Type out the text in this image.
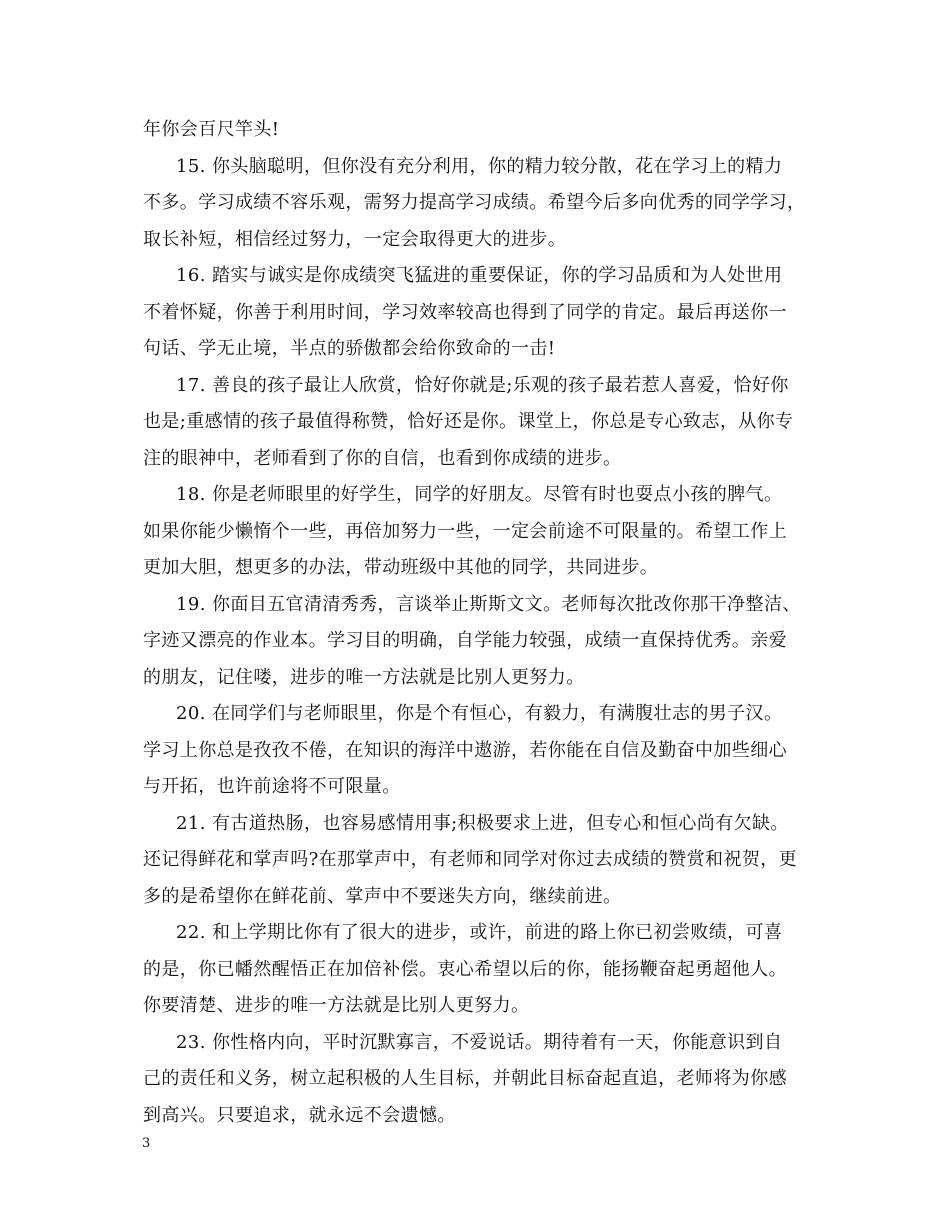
年你会百尺竿头!
15. 你头脑聪明，但你没有充分利用，你的精力较分散，花在学习上的精力
不多。学习成绩不容乐观，需努力提高学习成绩。希望今后多向优秀的同学学习，
取长补短，相信经过努力，一定会取得更大的进步。
16. 踏实与诚实是你成绩突飞猛进的重要保证，你的学习品质和为人处世用
不着怀疑，你善于利用时间，学习效率较高也得到了同学的肯定。最后再送你一
句话、学无止境，半点的骄傲都会给你致命的一击!
17. 善良的孩子最让人欣赏，恰好你就是;乐观的孩子最若惹人喜爱，恰好你
也是;重感情的孩子最值得称赞，恰好还是你。课堂上，你总是专心致志，从你专
注的眼神中，老师看到了你的自信，也看到你成绩的进步。
18. 你是老师眼里的好学生，同学的好朋友。尽管有时也耍点小孩的脾气。
如果你能少懒惰个一些，再倍加努力一些，一定会前途不可限量的。希望工作上
更加大胆，想更多的办法，带动班级中其他的同学，共同进步。
19. 你面目五官清清秀秀，言谈举止斯斯文文。老师每次批改你那干净整洁、
字迹又漂亮的作业本。学习目的明确，自学能力较强，成绩一直保持优秀。亲爱
的朋友，记住喽，进步的唯一方法就是比别人更努力。
20. 在同学们与老师眼里，你是个有恒心，有毅力，有满腹壮志的男子汉。
学习上你总是孜孜不倦，在知识的海洋中遨游，若你能在自信及勤奋中加些细心
与开拓，也许前途将不可限量。
21. 有古道热肠，也容易感情用事;积极要求上进，但专心和恒心尚有欠缺。
还记得鲜花和掌声吗?在那掌声中，有老师和同学对你过去成绩的赞赏和祝贺，更
多的是希望你在鲜花前、掌声中不要迷失方向，继续前进。
22. 和上学期比你有了很大的进步，或许，前进的路上你已初尝败绩，可喜
的是，你已幡然醒悟正在加倍补偿。衷心希望以后的你，能扬鞭奋起勇超他人。
你要清楚、进步的唯一方法就是比别人更努力。
23. 你性格内向，平时沉默寡言，不爱说话。期待着有一天，你能意识到自
己的责任和义务，树立起积极的人生目标，并朝此目标奋起直追，老师将为你感
到高兴。只要追求，就永远不会遗憾。
3
